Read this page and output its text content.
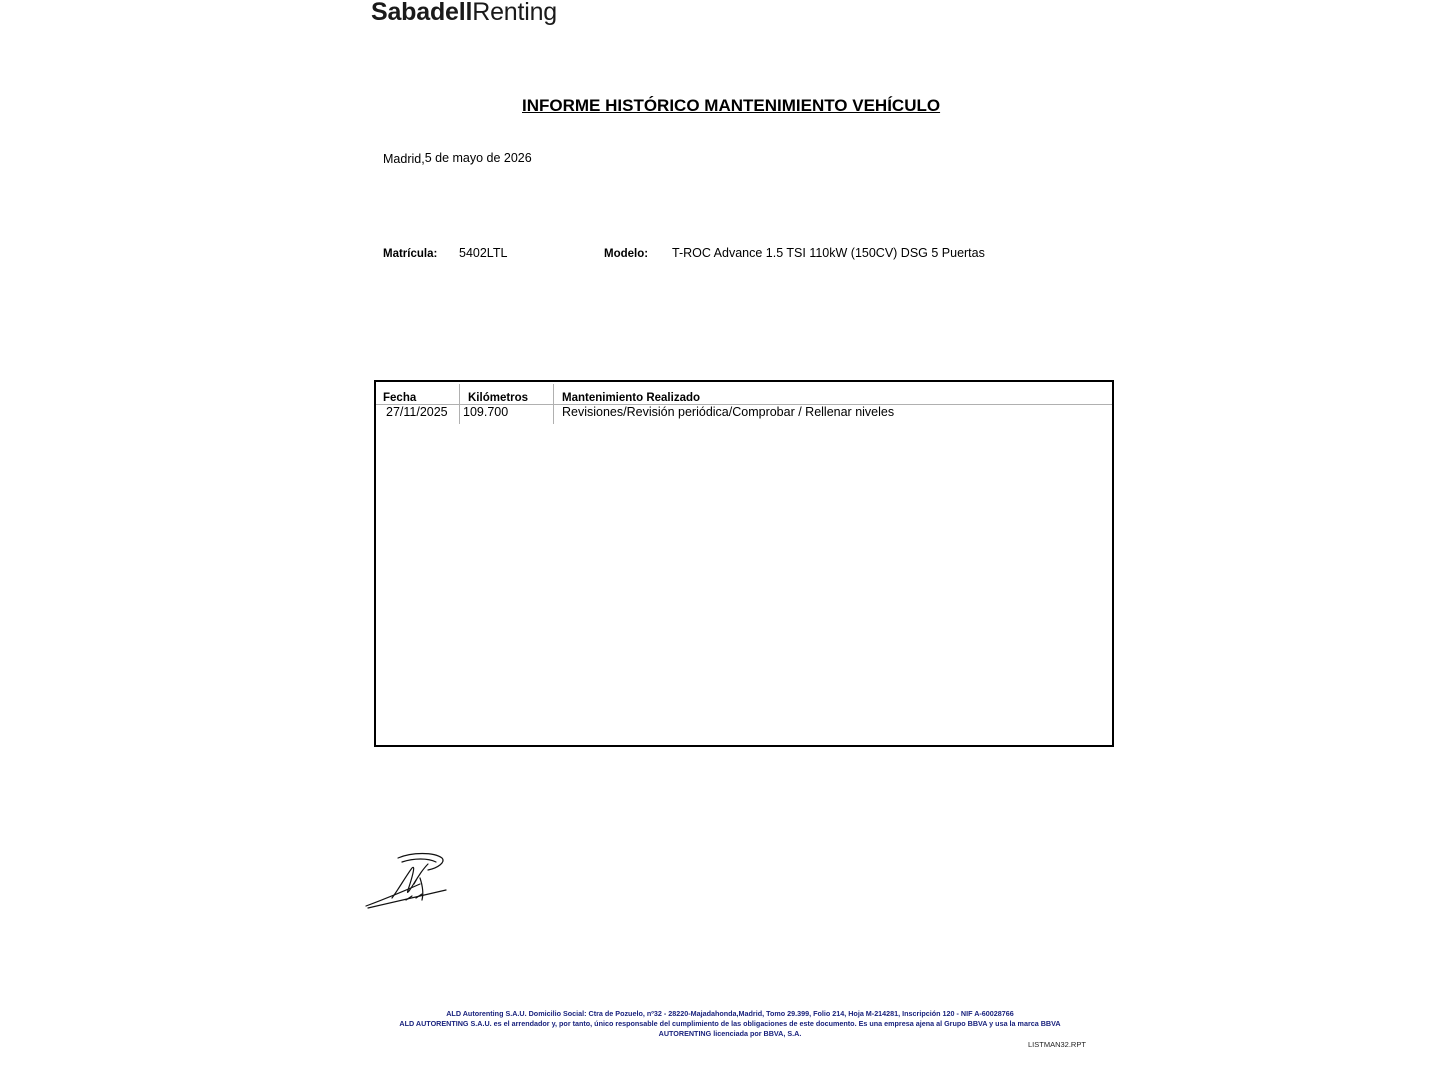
SabadellRenting
INFORME HISTÓRICO MANTENIMIENTO VEHÍCULO
Madrid,5 de mayo de 2026
Matrícula: 5402LTL	Modelo: T-ROC Advance 1.5 TSI 110kW (150CV) DSG 5 Puertas
Fecha	Kilómetros	Mantenimiento Realizado
27/11/2025 109.700	Revisiones/Revisión periódica/Comprobar / Rellenar niveles
ALD Autorenting S.A.U. Domicilio Social: Ctra de Pozuelo, nº32 - 28220-Majadahonda,Madrid, Tomo 29.399, Folio 214, Hoja M-214281, Inscripción 120 - NIF A-60028766
ALD AUTORENTING S.A.U. es el arrendador y, por tanto, único responsable del cumplimiento de las obligaciones de este documento. Es una empresa ajena al Grupo BBVA y usa la marca BBVA
AUTORENTING licenciada por BBVA, S.A.
LISTMAN32.RPT
